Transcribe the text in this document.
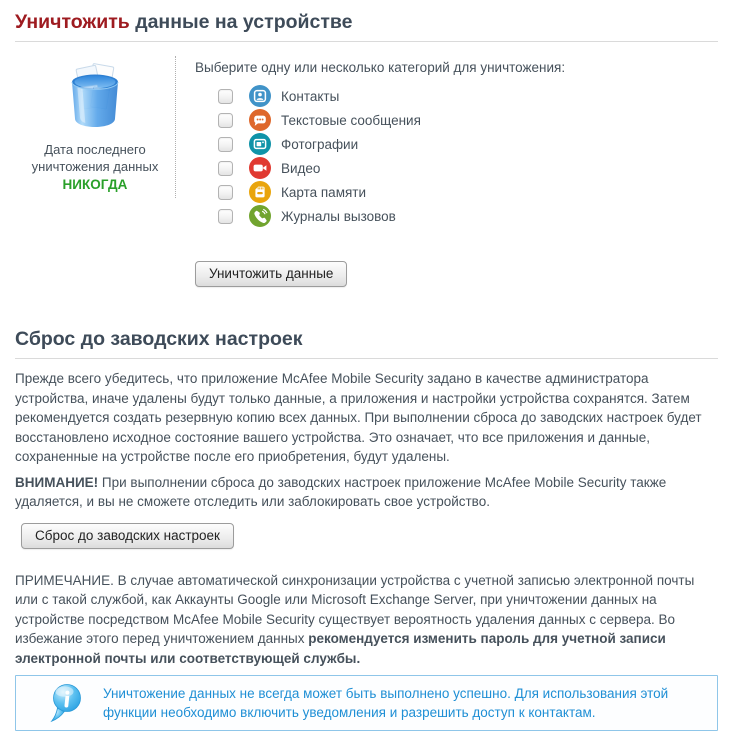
Уничтожить данные на устройстве
Дата последнего уничтожения данных
НИКОГДА
Выберите одну или несколько категорий для уничтожения:
Контакты
Текстовые сообщения
Фотографии
Видео
Карта памяти
Журналы вызовов
Уничтожить данные
Сброс до заводских настроек

Прежде всего убедитесь, что приложение McAfee Mobile Security задано в качестве администратора устройства, иначе удалены будут только данные, а приложения и настройки устройства сохранятся. Затем рекомендуется создать резервную копию всех данных. При выполнении сброса до заводских настроек будет восстановлено исходное состояние вашего устройства. Это означает, что все приложения и данные, сохраненные на устройстве после его приобретения, будут удалены.

ВНИМАНИЕ! При выполнении сброса до заводских настроек приложение McAfee Mobile Security также удаляется, и вы не сможете отследить или заблокировать свое устройство.

Сброс до заводских настроек

ПРИМЕЧАНИЕ. В случае автоматической синхронизации устройства с учетной записью электронной почты или с такой службой, как Аккаунты Google или Microsoft Exchange Server, при уничтожении данных на устройстве посредством McAfee Mobile Security существует вероятность удаления данных с сервера. Во избежание этого перед уничтожением данных рекомендуется изменить пароль для учетной записи электронной почты или соответствующей службы.

Уничтожение данных не всегда может быть выполнено успешно. Для использования этой функции необходимо включить уведомления и разрешить доступ к контактам.
